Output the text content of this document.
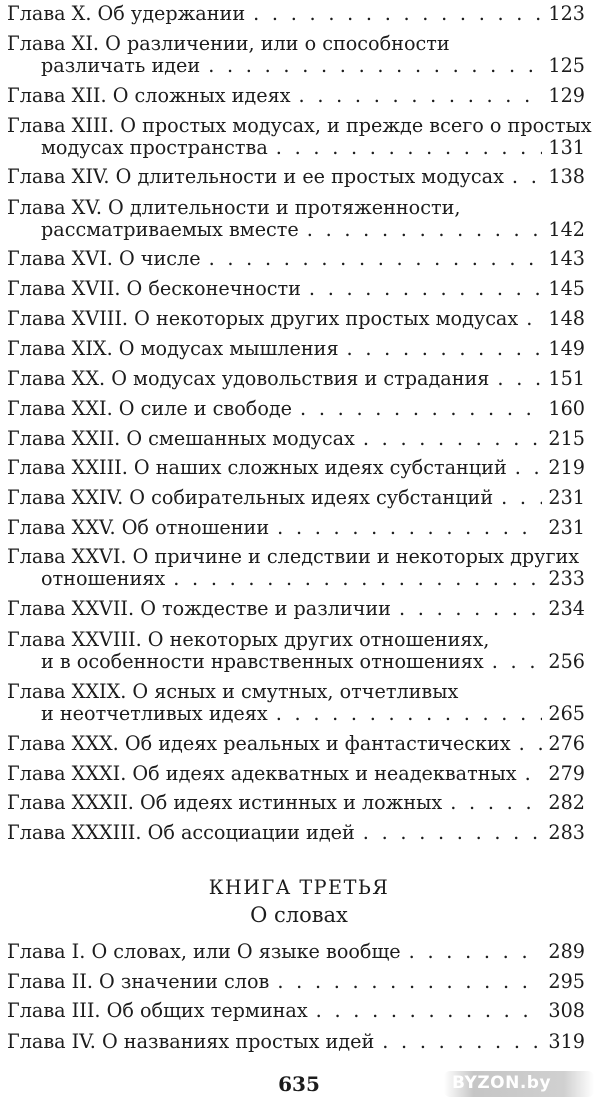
Глава X. Об удержании . . .	123
Глава XI. О различении, или о способности
различать идеи . . .	125
Глава XII. О сложных идеях . . .	129
Глава XIII. О простых модусах, и прежде всего о простых
модусах пространства . . .	131
Глава XIV. О длительности и ее простых модусах . . . 138
Глава XV. О длительности и протяженности,
рассматриваемых вместе . . .	142
Глава XVI. О числе . . .	143
Глава XVII. О бесконечности . . .	145
Глава XVIII. О некоторых других простых модусах . . . 148
Глава XIX. О модусах мышления . . .	149
Глава XX. О модусах удовольствия и страдания . . .	151
Глава XXI. О силе и свободе . . .	160
Глава XXII. О смешанных модусах . . .	215
Глава XXIII. О наших сложных идеях субстанций . . . 219
Глава XXIV. О собирательных идеях субстанций . . .	231
Глава XXV. Об отношении . . .	231
Глава XXVI. О причине и следствии и некоторых других
отношениях . . .	233
Глава XXVII. О тождестве и различии . . .	234
Глава XXVIII. О некоторых других отношениях,
и в особенности нравственных отношениях . . .	256
Глава XXIX. О ясных и смутных, отчетливых
и неотчетливых идеях . . .	265
Глава XXX. Об идеях реальных и фантастических . . . 276
Глава XXXI. Об идеях адекватных и неадекватных . . . 279
Глава XXXII. Об идеях истинных и ложных . . .	282
Глава XXXIII. Об ассоциации идей . . .	283
КНИГА ТРЕТЬЯ
О словах
Глава I. О словах, или О языке вообще . . .	289
Глава II. О значении слов . . .	295
Глава III. Об общих терминах . . .	308
Глава IV. О названиях простых идей . . .	319
635	BYZON.by
